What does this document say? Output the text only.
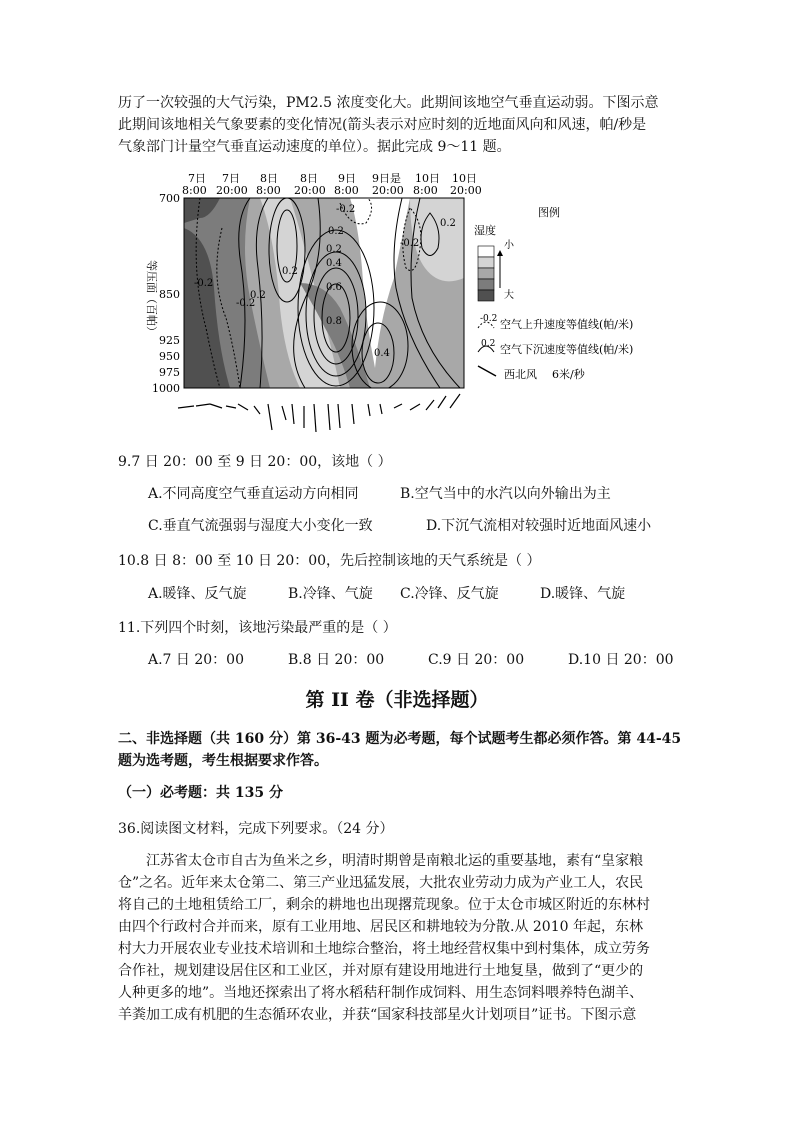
历了一次较强的大气污染，PM2.5 浓度变化大。此期间该地空气垂直运动弱。下图示意
此期间该地相关气象要素的变化情况(箭头表示对应时刻的近地面风向和风速，帕/秒是
气象部门计量空气垂直运动速度的单位）。据此完成 9～11 题。
7日
8:00
7日
20:00
8日
8:00
8日
20:00
9日
8:00
9日是
20:00
10日
8:00
10日
20:00
-0.2
-0.2
-0.2
0.2
0.2
0.2
0.2
0.4
0.6
0.8
0.4
-0.2
0.2
700
850
925
950
975
1000
等压面（百帕）
图例
湿度
小
大
-0.2 空气上升速度等值线(帕/米)
0.2 空气下沉速度等值线(帕/米)
西北风 6米/秒
9.7 日 20：00 至 9 日 20：00，该地（ ）
A.不同高度空气垂直运动方向相同	B.空气当中的水汽以向外输出为主
C.垂直气流强弱与湿度大小变化一致	D.下沉气流相对较强时近地面风速小
10.8 日 8：00 至 10 日 20：00，先后控制该地的天气系统是（ ）
A.暖锋、反气旋	B.冷锋、气旋 C.冷锋、反气旋	D.暖锋、气旋
11.下列四个时刻，该地污染最严重的是（ ）
A.7 日 20：00	B.8 日 20：00	C.9 日 20：00	D.10 日 20：00
第 II 卷（非选择题）
二、非选择题（共 160 分）第 36-43 题为必考题，每个试题考生都必须作答。第 44-45
题为选考题，考生根据要求作答。
（一）必考题：共 135 分
36.阅读图文材料，完成下列要求。（24 分）
江苏省太仓市自古为鱼米之乡，明清时期曾是南粮北运的重要基地，素有“皇家粮
仓”之名。近年来太仓第二、第三产业迅猛发展，大批农业劳动力成为产业工人，农民
将自己的土地租赁给工厂，剩余的耕地也出现撂荒现象。位于太仓市城区附近的东林村
由四个行政村合并而来，原有工业用地、居民区和耕地较为分散.从 2010 年起，东林
村大力开展农业专业技术培训和土地综合整治，将土地经营权集中到村集体，成立劳务
合作社，规划建设居住区和工业区，并对原有建设用地进行土地复垦，做到了“更少的
人种更多的地”。当地还探索出了将水稻秸秆制作成饲料、用生态饲料喂养特色湖羊、
羊粪加工成有机肥的生态循环农业，并获“国家科技部星火计划项目”证书。下图示意
